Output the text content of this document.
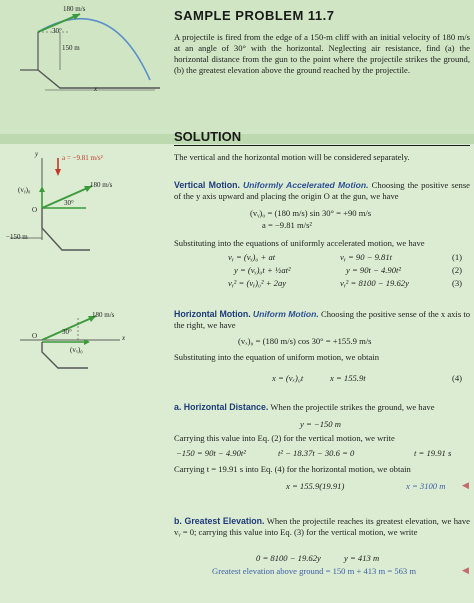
180 m/s
30°
150 m
x
SAMPLE PROBLEM 11.7
A projectile is fired from the edge of a 150-m cliff with an initial velocity of 180 m/s at an angle of 30° with the horizontal. Neglecting air resistance, find (a) the horizontal distance from the gun to the point where the projectile strikes the ground, (b) the greatest elevation above the ground reached by the projectile.
SOLUTION
The vertical and the horizontal motion will be considered separately.
a = −9.81 m/s²
180 m/s
(vᵧ)₀
30°
O
y
−150 m
Vertical Motion. Uniformly Accelerated Motion. Choosing the positive sense of the y axis upward and placing the origin O at the gun, we have
(vᵧ)₀ = (180 m/s) sin 30° = +90 m/s
a = −9.81 m/s²
Substituting into the equations of uniformly accelerated motion, we have
vᵧ = (vᵧ)₀ + at	vᵧ = 90 − 9.81t	(1)
y = (vᵧ)₀t + ½at²	y = 90t − 4.90t²	(2)
vᵧ² = (vᵧ)₀² + 2ay	vᵧ² = 8100 − 19.62y	(3)
180 m/s
30°
O	x
(vₓ)₀
Horizontal Motion. Uniform Motion. Choosing the positive sense of the x axis to the right, we have
(vₓ)₀ = (180 m/s) cos 30° = +155.9 m/s
Substituting into the equation of uniform motion, we obtain
x = (vₓ)₀t	x = 155.9t	(4)
a. Horizontal Distance. When the projectile strikes the ground, we have
y = −150 m
Carrying this value into Eq. (2) for the vertical motion, we write
−150 = 90t − 4.90t²	t² − 18.37t − 30.6 = 0	t = 19.91 s
Carrying t = 19.91 s into Eq. (4) for the horizontal motion, we obtain
x = 155.9(19.91)	x = 3100 m ◀
b. Greatest Elevation. When the projectile reaches its greatest elevation, we have vᵧ = 0; carrying this value into Eq. (3) for the vertical motion, we write
0 = 8100 − 19.62y	y = 413 m
Greatest elevation above ground = 150 m + 413 m = 563 m	◀
